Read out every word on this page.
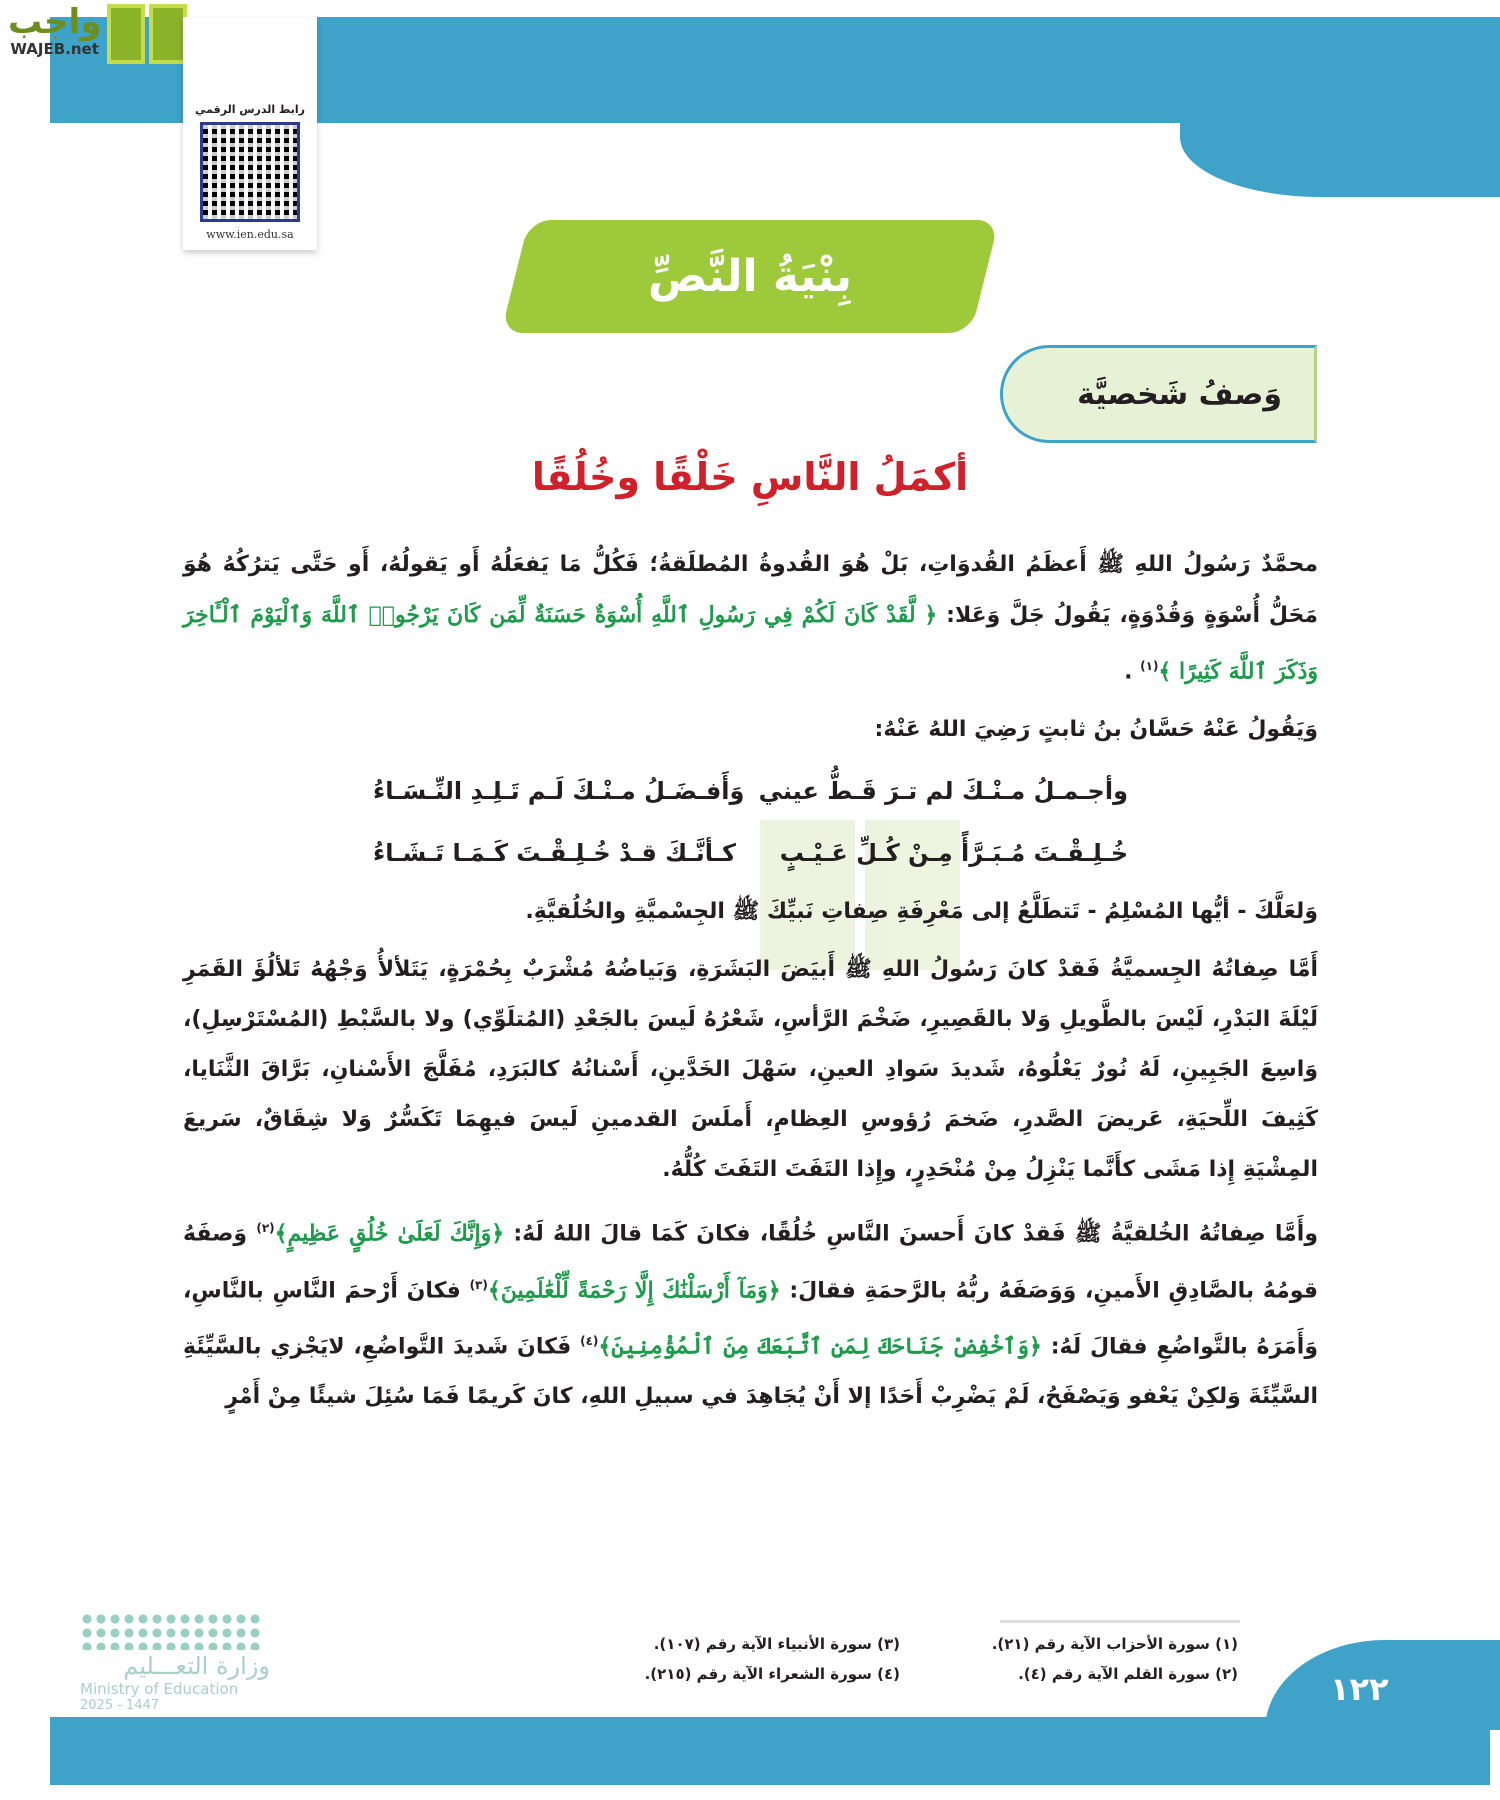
واجب
WAJEB.net
رابط الدرس الرقمي
www.ien.edu.sa
بِنْيَةُ النَّصِّ
وَصفُ شَخصيَّة
أكمَلُ النَّاسِ خَلْقًا وخُلُقًا
محمَّدٌ رَسُولُ اللهِ ﷺ أَعظَمُ القُدوَاتِ، بَلْ هُوَ القُدوةُ المُطلَقةُ؛ فَكُلُّ مَا يَفعَلُهُ أَو يَقولُهُ، أَو حَتَّى يَترُكُهُ هُوَ مَحَلُّ أُسْوَةٍ وَقُدْوَةٍ، يَقُولُ جَلَّ وَعَلا: ﴿ لَّقَدْ كَانَ لَكُمْ فِي رَسُولِ ٱللَّهِ أُسْوَةٌ حَسَنَةٌ لِّمَن كَانَ يَرْجُوا۟ ٱللَّهَ وَٱلْيَوْمَ ٱلْـَٔاخِرَ وَذَكَرَ ٱللَّهَ كَثِيرًا ﴾$^{(١)}$ .
وَيَقُولُ عَنْهُ حَسَّانُ بنُ ثابتٍ رَضِيَ اللهُ عَنْهُ:
وأجـمـلُ مـنْـكَ لم تـرَ قَـطُّ عيني
وَأَفـضَـلُ مـنْـكَ لَـم تَـلِـدِ النِّـسَـاءُ
خُـلِـقْـتَ مُـبَـرَّأً مِـنْ كُـلِّ عَـيْـبٍ
كـأنَّـكَ قـدْ خُـلِـقْـتَ كَـمَـا تَـشَـاءُ
وَلعَلَّكَ - أيُّها المُسْلِمُ - تَتطَلَّعُ إلى مَعْرِفَةِ صِفاتِ نَبيِّكَ ﷺ الجِسْميَّةِ والخُلُقيَّةِ.
أَمَّا صِفاتُهُ الجِسميَّةُ فَقدْ كانَ رَسُولُ اللهِ ﷺ أَبيَضَ البَشَرَةِ، وَبَياضُهُ مُشْرَبٌ بِحُمْرَةٍ، يَتَلألأُ وَجْهُهُ تَلألُؤَ القَمَرِ لَيْلَةَ البَدْرِ، لَيْسَ بالطَّويلِ وَلا بالقَصِيرِ، ضَخْمَ الرَّأسِ، شَعْرُهُ لَيسَ بالجَعْدِ (المُتلَوِّي) ولا بالسَّبْطِ (المُسْتَرْسِلِ)، وَاسِعَ الجَبِينِ، لَهُ نُورٌ يَعْلُوهُ، شَديدَ سَوادِ العينِ، سَهْلَ الخَدَّينِ، أَسْنانُهُ كالبَرَدِ، مُفَلَّجَ الأَسْنانِ، بَرَّاقَ الثَّنَايا، كَثِيفَ اللِّحيَةِ، عَريضَ الصَّدرِ، ضَخمَ رُؤوسِ العِظامِ، أَملَسَ القدمينِ لَيسَ فيهِمَا تَكَسُّرٌ وَلا شِقَاقٌ، سَريعَ المِشْيَةِ إِذا مَشَى كأَنَّما يَنْزِلُ مِنْ مُنْحَدِرٍ، وإِذا التَفَتَ التَفَتَ كُلُّهُ.
وأَمَّا صِفاتُهُ الخُلقيَّةُ ﷺ فَقدْ كانَ أَحسنَ النَّاسِ خُلُقًا، فكانَ كَمَا قالَ اللهُ لَهُ: ﴿وَإِنَّكَ لَعَلَىٰ خُلُقٍ عَظِيمٍ﴾$^{(٢)}$ وَصفَهُ قومُهُ بالصَّادِقِ الأَمينِ، وَوَصَفَهُ ربُّهُ بالرَّحمَةِ فقالَ: ﴿وَمَآ أَرْسَلْنَٰكَ إِلَّا رَحْمَةً لِّلْعَٰلَمِينَ﴾$^{(٣)}$ فكانَ أَرْحمَ النَّاسِ بالنَّاسِ، وَأَمَرَهُ بالتَّواضُعِ فقالَ لَهُ: ﴿وَٱخْفِضْ جَنَاحَكَ لِمَنِ ٱتَّبَعَكَ مِنَ ٱلْمُؤْمِنِينَ﴾$^{(٤)}$ فَكانَ شَديدَ التَّواضُعِ، لايَجْزي بالسَّيِّئَةِ السَّيِّئَةَ وَلكِنْ يَعْفو وَيَصْفَحُ، لَمْ يَضْرِبْ أَحَدًا إلا أَنْ يُجَاهِدَ في سبيلِ اللهِ، كانَ كَريمًا فَمَا سُئِلَ شيئًا مِنْ أَمْرٍ
(١) سورة الأحزاب الآية رقم (٢١).
(٢) سورة القلم الآية رقم (٤).
(٣) سورة الأنبياء الآية رقم (١٠٧).
(٤) سورة الشعراء الآية رقم (٢١٥).	١٢٢
وزارة التعـــليم
Ministry of Education
2025 - 1447
